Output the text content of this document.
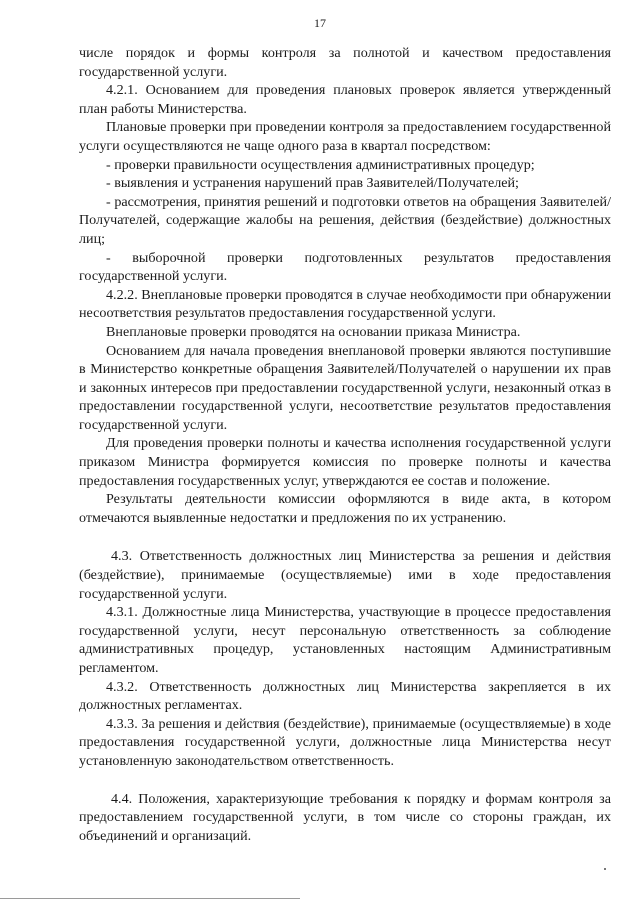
17

числе порядок и формы контроля за полнотой и качеством предоставления государственной услуги.

4.2.1. Основанием для проведения плановых проверок является утвержденный план работы Министерства.

Плановые проверки при проведении контроля за предоставлением государственной услуги осуществляются не чаще одного раза в квартал посредством:

- проверки правильности осуществления административных процедур;

- выявления и устранения нарушений прав Заявителей/Получателей;

- рассмотрения, принятия решений и подготовки ответов на обращения Заявителей/Получателей, содержащие жалобы на решения, действия (бездействие) должностных лиц;

- выборочной проверки подготовленных результатов предоставления государственной услуги.

4.2.2. Внеплановые проверки проводятся в случае необходимости при обнаружении несоответствия результатов предоставления государственной услуги.

Внеплановые проверки проводятся на основании приказа Министра.

Основанием для начала проведения внеплановой проверки являются поступившие в Министерство конкретные обращения Заявителей/Получателей о нарушении их прав и законных интересов при предоставлении государственной услуги, незаконный отказ в предоставлении государственной услуги, несоответствие результатов предоставления государственной услуги.

Для проведения проверки полноты и качества исполнения государственной услуги приказом Министра формируется комиссия по проверке полноты и качества предоставления государственных услуг, утверждаются ее состав и положение.

Результаты деятельности комиссии оформляются в виде акта, в котором отмечаются выявленные недостатки и предложения по их устранению.

4.3. Ответственность должностных лиц Министерства за решения и действия (бездействие), принимаемые (осуществляемые) ими в ходе предоставления государственной услуги.

4.3.1. Должностные лица Министерства, участвующие в процессе предоставления государственной услуги, несут персональную ответственность за соблюдение административных процедур, установленных настоящим Административным регламентом.

4.3.2. Ответственность должностных лиц Министерства закрепляется в их должностных регламентах.

4.3.3. За решения и действия (бездействие), принимаемые (осуществляемые) в ходе предоставления государственной услуги, должностные лица Министерства несут установленную законодательством ответственность.

4.4. Положения, характеризующие требования к порядку и формам контроля за предоставлением государственной услуги, в том числе со стороны граждан, их объединений и организаций.
